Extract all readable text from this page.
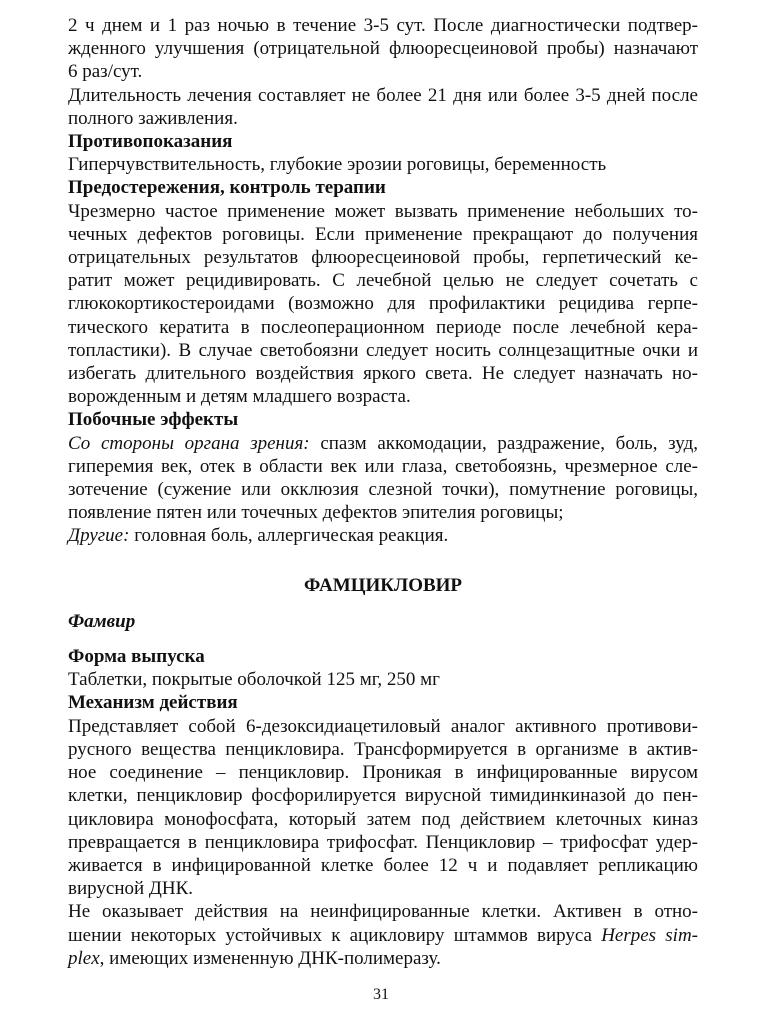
2 ч днем и 1 раз ночью в течение 3-5 сут. После диагностически подтвер-
жденного улучшения (отрицательной флюоресцеиновой пробы) назначают
6 раз/сут.
Длительность лечения составляет не более 21 дня или более 3-5 дней после
полного заживления.
Противопоказания
Гиперчувствительность, глубокие эрозии роговицы, беременность
Предостережения, контроль терапии
Чрезмерно частое применение может вызвать применение небольших то-
чечных дефектов роговицы. Если применение прекращают до получения
отрицательных результатов флюоресцеиновой пробы, герпетический ке-
ратит может рецидивировать. С лечебной целью не следует сочетать с
глюкокортикостероидами (возможно для профилактики рецидива герпе-
тического кератита в послеоперационном периоде после лечебной кера-
топластики). В случае светобоязни следует носить солнцезащитные очки и
избегать длительного воздействия яркого света. Не следует назначать но-
ворожденным и детям младшего возраста.
Побочные эффекты
Со стороны органа зрения: спазм аккомодации, раздражение, боль, зуд,
гиперемия век, отек в области век или глаза, светобоязнь, чрезмерное сле-
зотечение (сужение или окклюзия слезной точки), помутнение роговицы,
появление пятен или точечных дефектов эпителия роговицы;
Другие: головная боль, аллергическая реакция.
ФАМЦИКЛОВИР
Фамвир
Форма выпуска
Таблетки, покрытые оболочкой 125 мг, 250 мг
Механизм действия
Представляет собой 6-дезоксидиацетиловый аналог активного противови-
русного вещества пенцикловира. Трансформируется в организме в актив-
ное соединение – пенцикловир. Проникая в инфицированные вирусом
клетки, пенцикловир фосфорилируется вирусной тимидинкиназой до пен-
цикловира монофосфата, который затем под действием клеточных киназ
превращается в пенцикловира трифосфат. Пенцикловир – трифосфат удер-
живается в инфицированной клетке более 12 ч и подавляет репликацию
вирусной ДНК.
Не оказывает действия на неинфицированные клетки. Активен в отно-
шении некоторых устойчивых к ацикловиру штаммов вируса Herpes sim-
plex, имеющих измененную ДНК-полимеразу.
31
